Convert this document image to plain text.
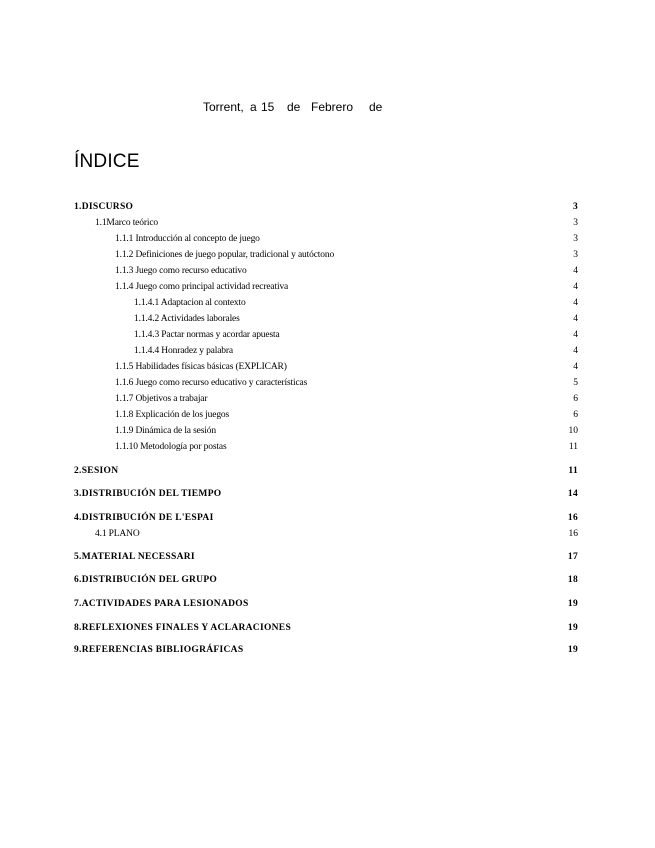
Torrent, a 15 de Febrero de
ÍNDICE
1.DISCURSO	3
1.1Marco teórico	3
1.1.1 Introducción al concepto de juego	3
1.1.2 Definiciones de juego popular, tradicional y autóctono	3
1.1.3 Juego como recurso educativo	4
1.1.4 Juego como principal actividad recreativa	4
1.1.4.1 Adaptacion al contexto	4
1.1.4.2 Actividades laborales	4
1.1.4.3 Pactar normas y acordar apuesta	4
1.1.4.4 Honradez y palabra	4
1.1.5 Habilidades físicas básicas (EXPLICAR)	4
1.1.6 Juego como recurso educativo y características	5
1.1.7 Objetivos a trabajar	6
1.1.8 Explicación de los juegos	6
1.1.9 Dinámica de la sesión	10
1.1.10 Metodología por postas	11
2.SESION	11
3.DISTRIBUCIÓN DEL TIEMPO	14
4.DISTRIBUCIÓN DE L'ESPAI	16
4.1 PLANO	16
5.MATERIAL NECESSARI	17
6.DISTRIBUCIÓN DEL GRUPO	18
7.ACTIVIDADES PARA LESIONADOS	19
8.REFLEXIONES FINALES Y ACLARACIONES	19
9.REFERENCIAS BIBLIOGRÁFICAS	19
